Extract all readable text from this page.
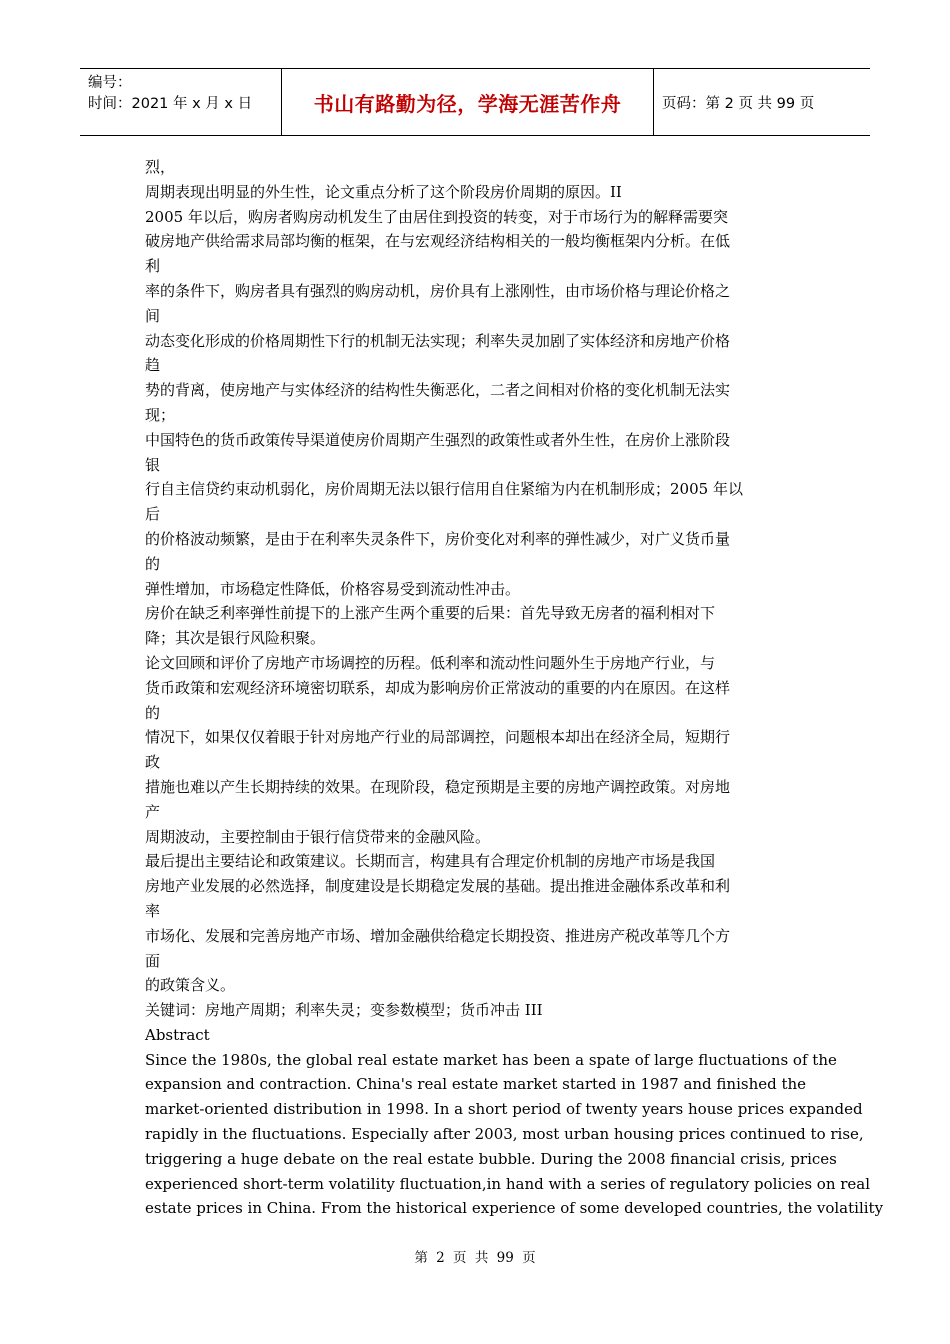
编号：
时间：2021 年 x 月 x 日	书山有路勤为径，学海无涯苦作舟	页码：第 2 页 共 99 页
烈，
周期表现出明显的外生性，论文重点分析了这个阶段房价周期的原因。II
2005 年以后，购房者购房动机发生了由居住到投资的转变，对于市场行为的解释需要突
破房地产供给需求局部均衡的框架，在与宏观经济结构相关的一般均衡框架内分析。在低
利
率的条件下，购房者具有强烈的购房动机，房价具有上涨刚性，由市场价格与理论价格之
间
动态变化形成的价格周期性下行的机制无法实现；利率失灵加剧了实体经济和房地产价格
趋
势的背离，使房地产与实体经济的结构性失衡恶化，二者之间相对价格的变化机制无法实
现；
中国特色的货币政策传导渠道使房价周期产生强烈的政策性或者外生性，在房价上涨阶段
银
行自主信贷约束动机弱化，房价周期无法以银行信用自住紧缩为内在机制形成；2005 年以
后
的价格波动频繁，是由于在利率失灵条件下，房价变化对利率的弹性减少，对广义货币量
的
弹性增加，市场稳定性降低，价格容易受到流动性冲击。
房价在缺乏利率弹性前提下的上涨产生两个重要的后果：首先导致无房者的福利相对下
降；其次是银行风险积聚。
论文回顾和评价了房地产市场调控的历程。低利率和流动性问题外生于房地产行业，与
货币政策和宏观经济环境密切联系，却成为影响房价正常波动的重要的内在原因。在这样
的
情况下，如果仅仅着眼于针对房地产行业的局部调控，问题根本却出在经济全局，短期行
政
措施也难以产生长期持续的效果。在现阶段，稳定预期是主要的房地产调控政策。对房地
产
周期波动，主要控制由于银行信贷带来的金融风险。
最后提出主要结论和政策建议。长期而言，构建具有合理定价机制的房地产市场是我国
房地产业发展的必然选择，制度建设是长期稳定发展的基础。提出推进金融体系改革和利
率
市场化、发展和完善房地产市场、增加金融供给稳定长期投资、推进房产税改革等几个方
面
的政策含义。
关键词：房地产周期；利率失灵；变参数模型；货币冲击 III
Abstract
Since the 1980s, the global real estate market has been a spate of large fluctuations of the
expansion and contraction. China's real estate market started in 1987 and finished the
market-oriented distribution in 1998. In a short period of twenty years house prices expanded
rapidly in the fluctuations. Especially after 2003, most urban housing prices continued to rise,
triggering a huge debate on the real estate bubble. During the 2008 financial crisis, prices
experienced short-term volatility fluctuation,in hand with a series of regulatory policies on real
estate prices in China. From the historical experience of some developed countries, the volatility
第 2 页 共 99 页
